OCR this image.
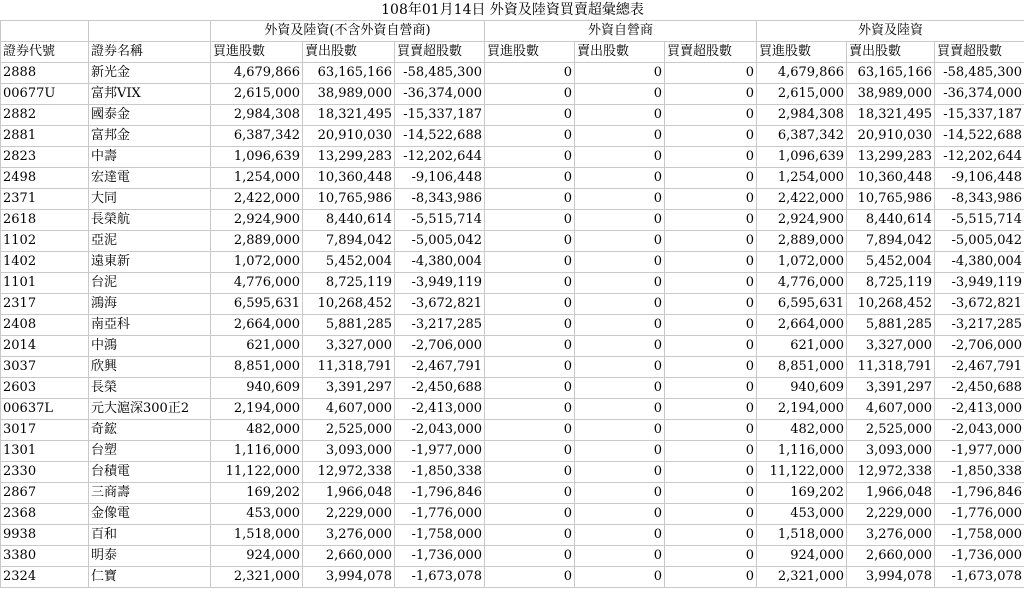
108年01月14日 外資及陸資買賣超彙總表										
		外資及陸資(不含外資自營商)			外資自營商			外資及陸資		
證券代號	證券名稱	買進股數	賣出股數	買賣超股數	買進股數	賣出股數	買賣超股數	買進股數	賣出股數	買賣超股數
2888	新光金	4,679,866	63,165,166	-58,485,300	0	0	0	4,679,866	63,165,166	-58,485,300
00677U	富邦VIX	2,615,000	38,989,000	-36,374,000	0	0	0	2,615,000	38,989,000	-36,374,000
2882	國泰金	2,984,308	18,321,495	-15,337,187	0	0	0	2,984,308	18,321,495	-15,337,187
2881	富邦金	6,387,342	20,910,030	-14,522,688	0	0	0	6,387,342	20,910,030	-14,522,688
2823	中壽	1,096,639	13,299,283	-12,202,644	0	0	0	1,096,639	13,299,283	-12,202,644
2498	宏達電	1,254,000	10,360,448	-9,106,448	0	0	0	1,254,000	10,360,448	-9,106,448
2371	大同	2,422,000	10,765,986	-8,343,986	0	0	0	2,422,000	10,765,986	-8,343,986
2618	長榮航	2,924,900	8,440,614	-5,515,714	0	0	0	2,924,900	8,440,614	-5,515,714
1102	亞泥	2,889,000	7,894,042	-5,005,042	0	0	0	2,889,000	7,894,042	-5,005,042
1402	遠東新	1,072,000	5,452,004	-4,380,004	0	0	0	1,072,000	5,452,004	-4,380,004
1101	台泥	4,776,000	8,725,119	-3,949,119	0	0	0	4,776,000	8,725,119	-3,949,119
2317	鴻海	6,595,631	10,268,452	-3,672,821	0	0	0	6,595,631	10,268,452	-3,672,821
2408	南亞科	2,664,000	5,881,285	-3,217,285	0	0	0	2,664,000	5,881,285	-3,217,285
2014	中鴻	621,000	3,327,000	-2,706,000	0	0	0	621,000	3,327,000	-2,706,000
3037	欣興	8,851,000	11,318,791	-2,467,791	0	0	0	8,851,000	11,318,791	-2,467,791
2603	長榮	940,609	3,391,297	-2,450,688	0	0	0	940,609	3,391,297	-2,450,688
00637L	元大滬深300正2	2,194,000	4,607,000	-2,413,000	0	0	0	2,194,000	4,607,000	-2,413,000
3017	奇鋐	482,000	2,525,000	-2,043,000	0	0	0	482,000	2,525,000	-2,043,000
1301	台塑	1,116,000	3,093,000	-1,977,000	0	0	0	1,116,000	3,093,000	-1,977,000
2330	台積電	11,122,000	12,972,338	-1,850,338	0	0	0	11,122,000	12,972,338	-1,850,338
2867	三商壽	169,202	1,966,048	-1,796,846	0	0	0	169,202	1,966,048	-1,796,846
2368	金像電	453,000	2,229,000	-1,776,000	0	0	0	453,000	2,229,000	-1,776,000
9938	百和	1,518,000	3,276,000	-1,758,000	0	0	0	1,518,000	3,276,000	-1,758,000
3380	明泰	924,000	2,660,000	-1,736,000	0	0	0	924,000	2,660,000	-1,736,000
2324	仁寶	2,321,000	3,994,078	-1,673,078	0	0	0	2,321,000	3,994,078	-1,673,078
